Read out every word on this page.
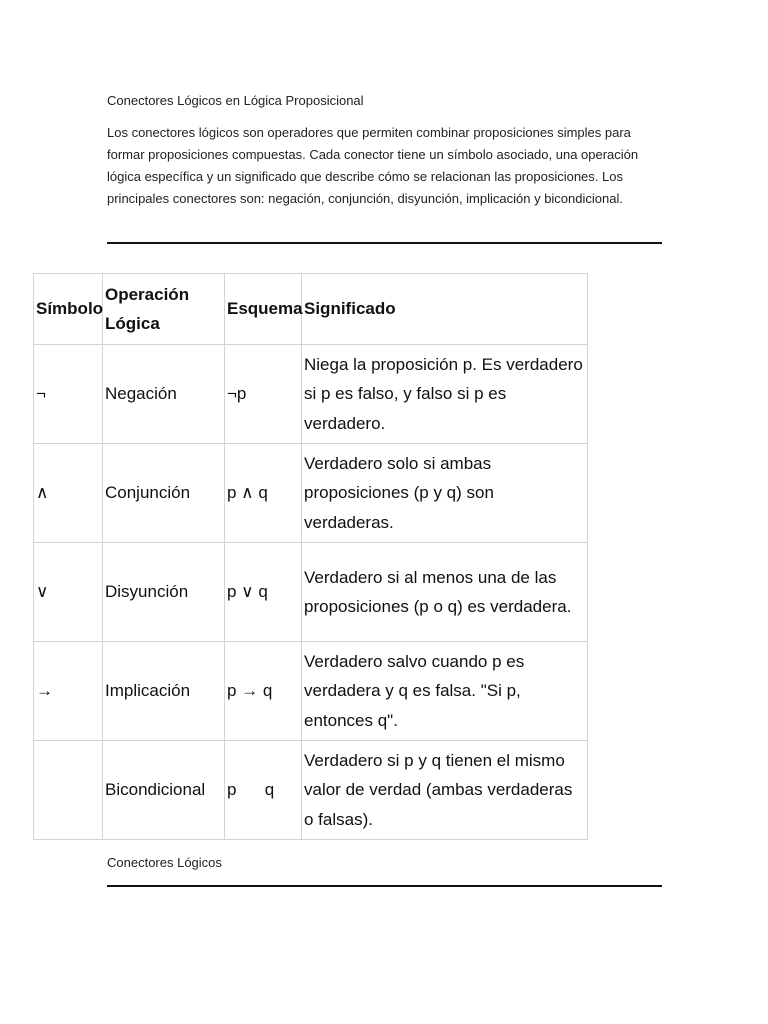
Conectores Lógicos en Lógica Proposicional
Los conectores lógicos son operadores que permiten combinar proposiciones simples para formar proposiciones compuestas. Cada conector tiene un símbolo asociado, una operación lógica específica y un significado que describe cómo se relacionan las proposiciones. Los principales conectores son: negación, conjunción, disyunción, implicación y bicondicional.
Símbolo	Operación Lógica	Esquema	Significado
¬	Negación	¬p	Niega la proposición p. Es verdadero si p es falso, y falso si p es verdadero.
∧	Conjunción	p ∧ q	Verdadero solo si ambas proposiciones (p y q) son verdaderas.
∨	Disyunción	p ∨ q	Verdadero si al menos una de las proposiciones (p o q) es verdadera.
→	Implicación	p → q	Verdadero salvo cuando p es verdadera y q es falsa. "Si p, entonces q".
	Bicondicional	p      q	Verdadero si p y q tienen el mismo valor de verdad (ambas verdaderas o falsas).
Conectores Lógicos
